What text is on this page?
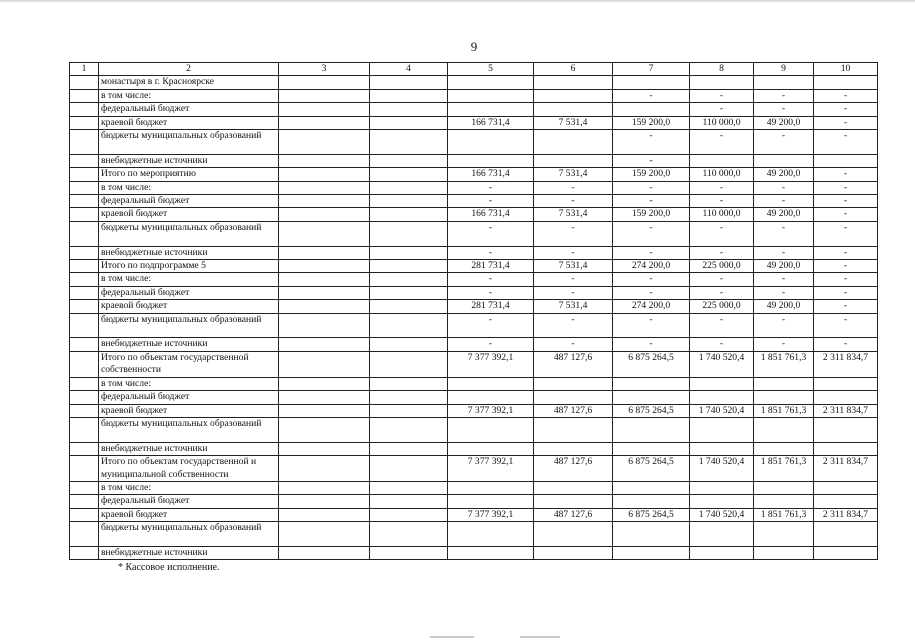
9
1	2	3	4	5	6	7	8	9	10
	монастыря в г. Красноярске								
	в том числе:					-	-	-	-
	федеральный бюджет						-	-	-
	краевой бюджет			166 731,4	7 531,4	159 200,0	110 000,0	49 200,0	-
	бюджеты муниципальных образований					-	-	-	-
	внебюджетные источники					-			
	Итого по мероприятию			166 731,4	7 531,4	159 200,0	110 000,0	49 200,0	-
	в том числе:			-	-	-	-	-	-
	федеральный бюджет			-	-	-	-	-	-
	краевой бюджет			166 731,4	7 531,4	159 200,0	110 000,0	49 200,0	-
	бюджеты муниципальных образований			-	-	-	-	-	-
	внебюджетные источники			-	-	-	-	-	-
	Итого по подпрограмме 5			281 731,4	7 531,4	274 200,0	225 000,0	49 200,0	-
	в том числе:			-	-	-	-	-	-
	федеральный бюджет			-	-	-	-	-	-
	краевой бюджет			281 731,4	7 531,4	274 200,0	225 000,0	49 200,0	-
	бюджеты муниципальных образований			-	-	-	-	-	-
	внебюджетные источники			-	-	-	-	-	-
	Итого по объектам государственной собственности			7 377 392,1	487 127,6	6 875 264,5	1 740 520,4	1 851 761,3	2 311 834,7
	в том числе:								
	федеральный бюджет								
	краевой бюджет			7 377 392,1	487 127,6	6 875 264,5	1 740 520,4	1 851 761,3	2 311 834,7
	бюджеты муниципальных образований								
	внебюджетные источники								
	Итого по объектам государственной и муниципальной собственности			7 377 392,1	487 127,6	6 875 264,5	1 740 520,4	1 851 761,3	2 311 834,7
	в том числе:								
	федеральный бюджет								
	краевой бюджет			7 377 392,1	487 127,6	6 875 264,5	1 740 520,4	1 851 761,3	2 311 834,7
	бюджеты муниципальных образований								
	внебюджетные источники								
* Кассовое исполнение.
